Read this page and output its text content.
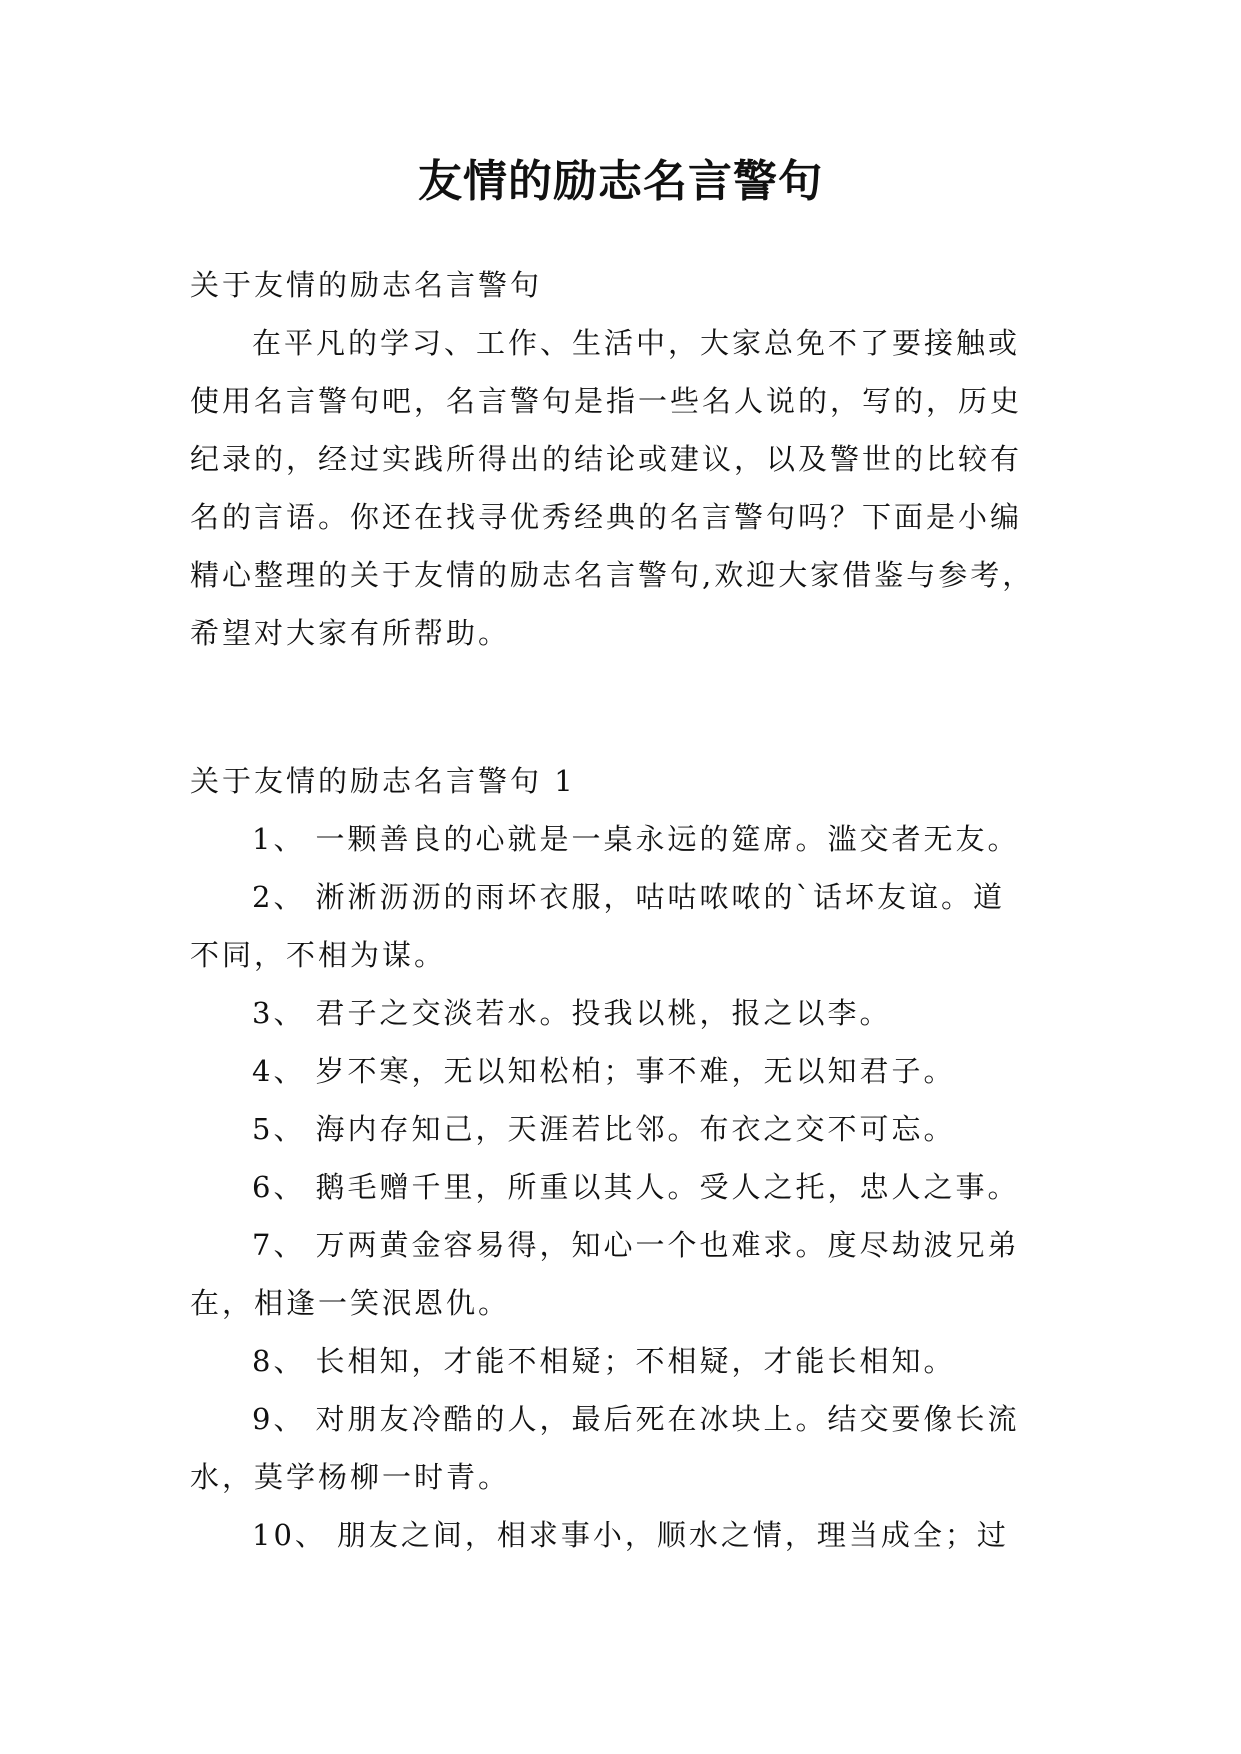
友情的励志名言警句
关于友情的励志名言警句
在平凡的学习、工作、生活中，大家总免不了要接触或
使用名言警句吧，名言警句是指一些名人说的，写的，历史
纪录的，经过实践所得出的结论或建议，以及警世的比较有
名的言语。你还在找寻优秀经典的名言警句吗？下面是小编
精心整理的关于友情的励志名言警句,欢迎大家借鉴与参考，
希望对大家有所帮助。
关于友情的励志名言警句 1
1、 一颗善良的心就是一桌永远的筵席。滥交者无友。
2、 淅淅沥沥的雨坏衣服，咕咕哝哝的`话坏友谊。道
不同，不相为谋。
3、 君子之交淡若水。投我以桃，报之以李。
4、 岁不寒，无以知松柏；事不难，无以知君子。
5、 海内存知己，天涯若比邻。布衣之交不可忘。
6、 鹅毛赠千里，所重以其人。受人之托，忠人之事。
7、 万两黄金容易得，知心一个也难求。度尽劫波兄弟
在，相逢一笑泯恩仇。
8、 长相知，才能不相疑；不相疑，才能长相知。
9、 对朋友冷酷的人，最后死在冰块上。结交要像长流
水，莫学杨柳一时青。
10、 朋友之间，相求事小，顺水之情，理当成全；过
